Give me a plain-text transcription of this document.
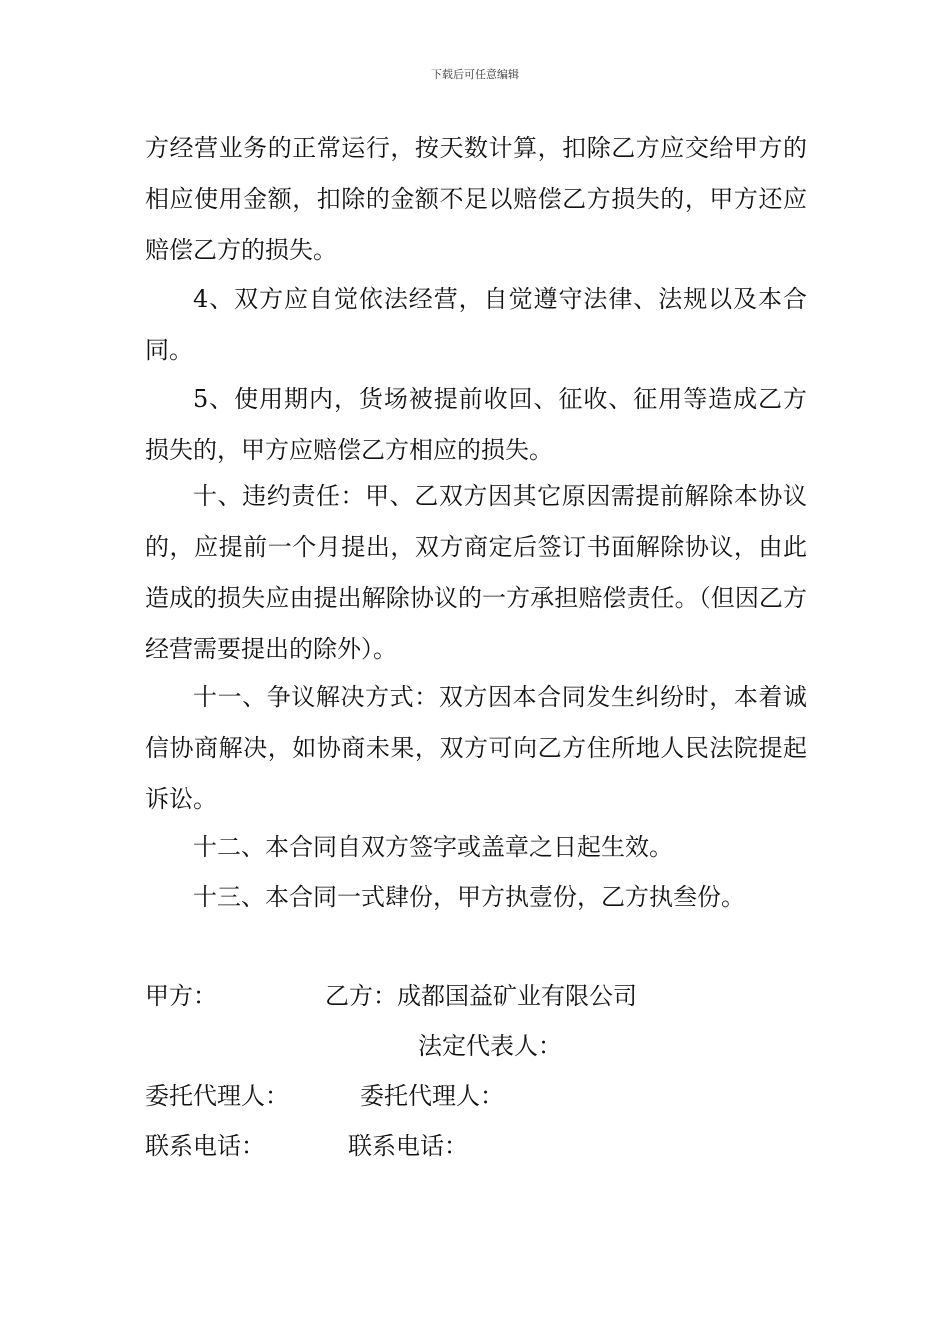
下载后可任意编辑

方经营业务的正常运行，按天数计算，扣除乙方应交给甲方的相应使用金额，扣除的金额不足以赔偿乙方损失的，甲方还应赔偿乙方的损失。

4、双方应自觉依法经营，自觉遵守法律、法规以及本合同。

5、使用期内，货场被提前收回、征收、征用等造成乙方损失的，甲方应赔偿乙方相应的损失。

十、违约责任：甲、乙双方因其它原因需提前解除本协议的，应提前一个月提出，双方商定后签订书面解除协议，由此造成的损失应由提出解除协议的一方承担赔偿责任。（但因乙方经营需要提出的除外）。

十一、争议解决方式：双方因本合同发生纠纷时，本着诚信协商解决，如协商未果，双方可向乙方住所地人民法院提起诉讼。

十二、本合同自双方签字或盖章之日起生效。

十三、本合同一式肆份，甲方执壹份，乙方执叁份。

甲方：	乙方：成都国益矿业有限公司
法定代表人：
委托代理人：	委托代理人：
联系电话：	联系电话：
